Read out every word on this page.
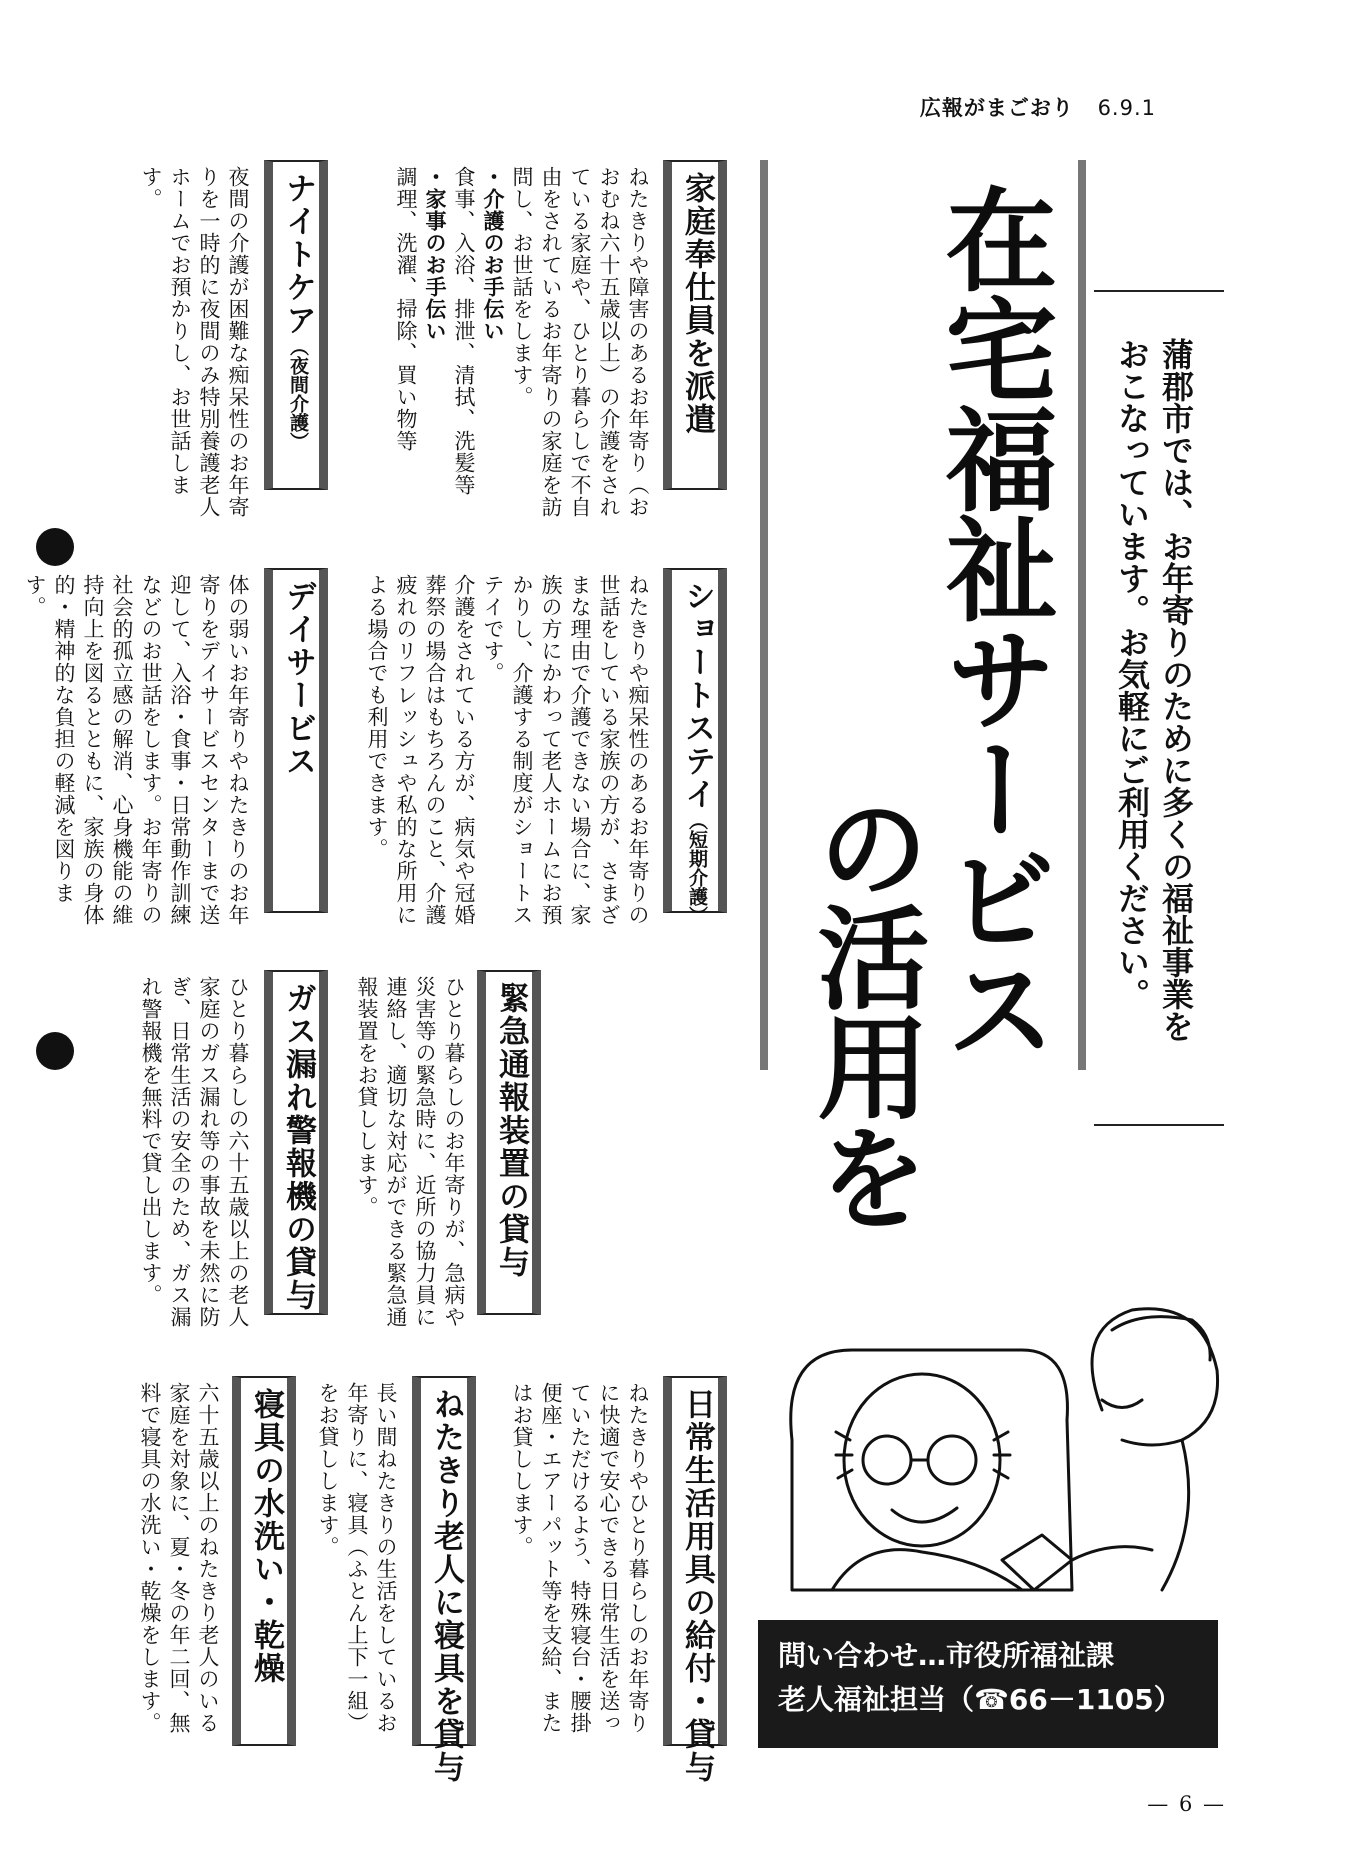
広報がまごおり 6.9.1
在宅福祉サービス
の活用を	蒲郡市では、お年寄りのために多くの福祉事業を
おこなっています。お気軽にご利用ください。
家庭奉仕員を派遣
ねたきりや障害のあるお年寄り（おおむね六十五歳以上）の介護をされている家庭や、ひとり暮らしで不自由をされているお年寄りの家庭を訪問し、お世話をします。
・介護のお手伝い
食事、入浴、排泄、清拭、洗髪等
・家事のお手伝い
調理、洗濯、掃除、買い物等
ナイトケア（夜間介護）
夜間の介護が困難な痴呆性のお年寄りを一時的に夜間のみ特別養護老人ホームでお預かりし、お世話します。
ショートステイ（短期介護）
ねたきりや痴呆性のあるお年寄りの世話をしている家族の方が、さまざまな理由で介護できない場合に、家族の方にかわって老人ホームにお預かりし、介護する制度がショートステイです。
介護をされている方が、病気や冠婚葬祭の場合はもちろんのこと、介護疲れのリフレッシュや私的な所用による場合でも利用できます。
デイサービス
体の弱いお年寄りやねたきりのお年寄りをデイサービスセンターまで送迎して、入浴・食事・日常動作訓練などのお世話をします。お年寄りの社会的孤立感の解消、心身機能の維持向上を図るとともに、家族の身体的・精神的な負担の軽減を図ります。
緊急通報装置の貸与
ひとり暮らしのお年寄りが、急病や災害等の緊急時に、近所の協力員に連絡し、適切な対応ができる緊急通報装置をお貸しします。
ガス漏れ警報機の貸与
ひとり暮らしの六十五歳以上の老人家庭のガス漏れ等の事故を未然に防ぎ、日常生活の安全のため、ガス漏れ警報機を無料で貸し出します。
日常生活用具の給付・貸与
ねたきりやひとり暮らしのお年寄りに快適で安心できる日常生活を送っていただけるよう、特殊寝台・腰掛便座・エアーパット等を支給、またはお貸しします。
ねたきり老人に寝具を貸与
長い間ねたきりの生活をしているお年寄りに、寝具（ふとん上下一組）をお貸しします。
寝具の水洗い・乾燥
六十五歳以上のねたきり老人のいる家庭を対象に、夏・冬の年二回、無料で寝具の水洗い・乾燥をします。	問い合わせ…市役所福祉課
老人福祉担当（☎66－1105）
— 6 —
